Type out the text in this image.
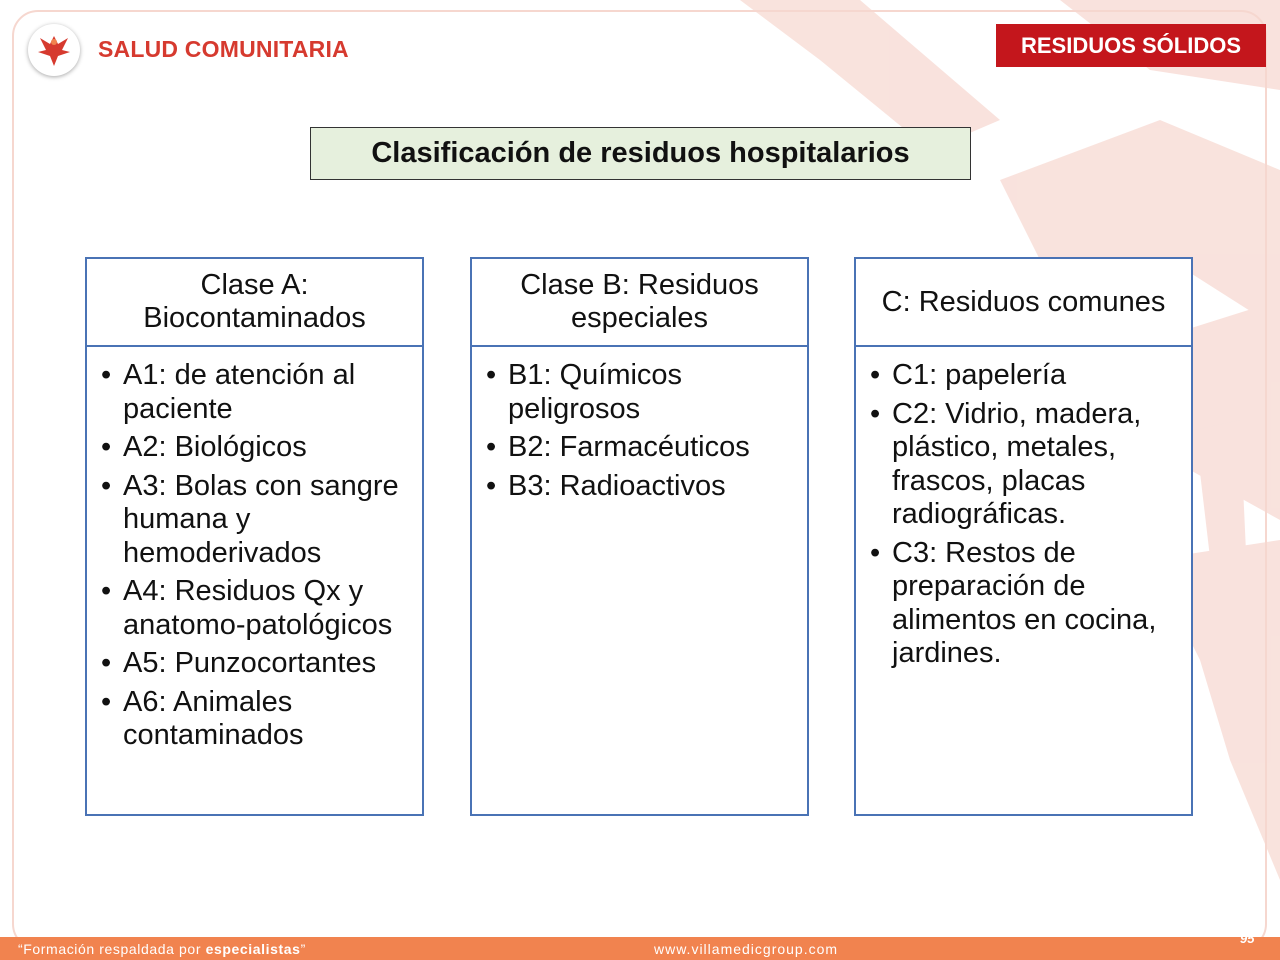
SALUD COMUNITARIA	RESIDUOS SÓLIDOS
Clasificación de residuos hospitalarios
Clase A: Biocontaminados
• A1: de atención al paciente
• A2: Biológicos
• A3: Bolas con sangre humana y hemoderivados
• A4: Residuos Qx y anatomo-patológicos
• A5: Punzocortantes
• A6: Animales contaminados
Clase B: Residuos especiales
• B1: Químicos peligrosos
• B2: Farmacéuticos
• B3: Radioactivos
C: Residuos comunes
• C1: papelería
• C2: Vidrio, madera, plástico, metales, frascos, placas radiográficas.
• C3: Restos de preparación de alimentos en cocina, jardines.
“Formación respaldada por especialistas”	www.villamedicgroup.com
95
